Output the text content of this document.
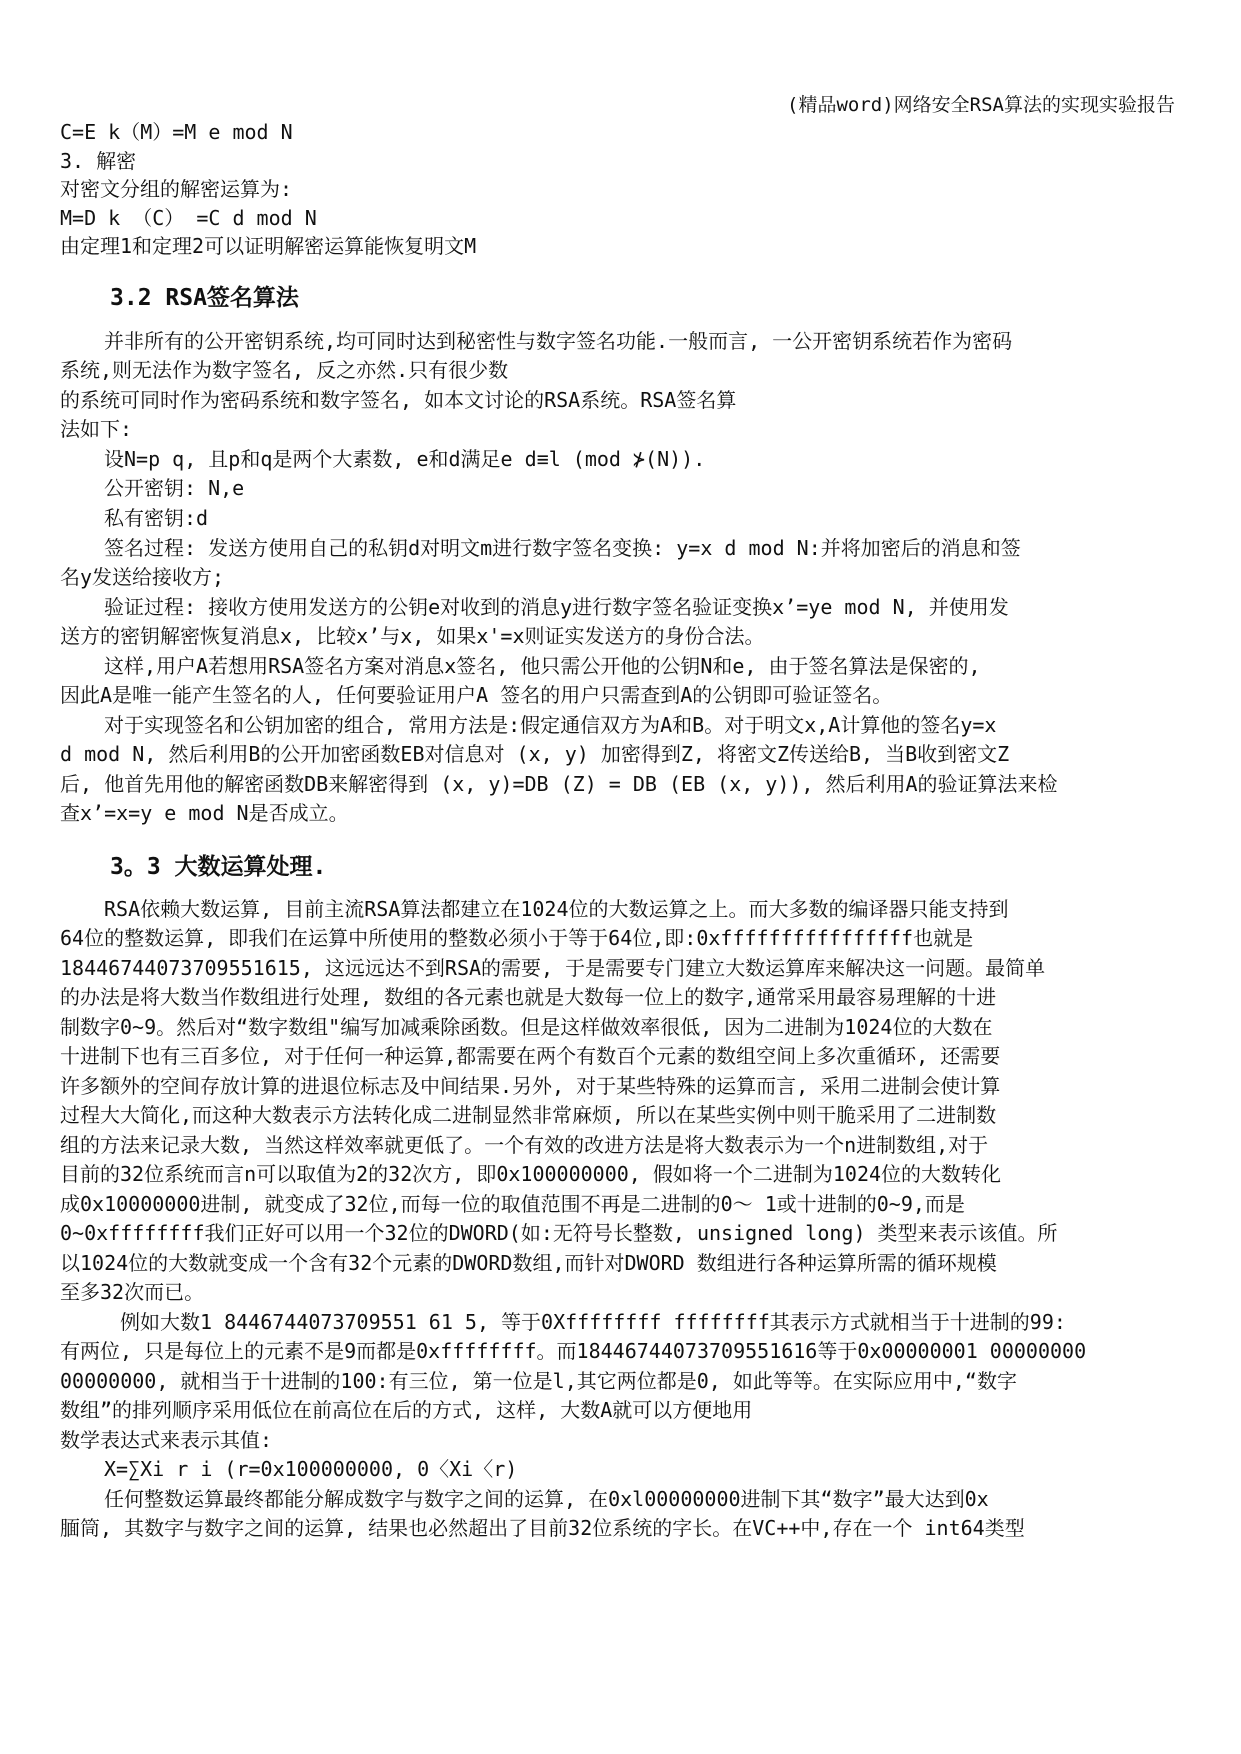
(精品word)网络安全RSA算法的实现实验报告
C=E k（M）=M e mod N
3. 解密
对密文分组的解密运算为:
M=D k （C） =C d mod N
由定理1和定理2可以证明解密运算能恢复明文M
3.2 RSA签名算法
并非所有的公开密钥系统,均可同时达到秘密性与数字签名功能.一般而言, 一公开密钥系统若作为密码
系统,则无法作为数字签名, 反之亦然.只有很少数
的系统可同时作为密码系统和数字签名, 如本文讨论的RSA系统。RSA签名算
法如下:
设N=p q, 且p和q是两个大素数, e和d满足e d≡l (mod ⊁(N)).
公开密钥: N,e
私有密钥:d
签名过程: 发送方使用自己的私钥d对明文m进行数字签名变换: y=x d mod N:并将加密后的消息和签
名y发送给接收方;
验证过程: 接收方使用发送方的公钥e对收到的消息y进行数字签名验证变换x’=ye mod N, 并使用发
送方的密钥解密恢复消息x, 比较x’与x, 如果x'=x则证实发送方的身份合法。
这样,用户A若想用RSA签名方案对消息x签名, 他只需公开他的公钥N和e, 由于签名算法是保密的,
因此A是唯一能产生签名的人, 任何要验证用户A 签名的用户只需查到A的公钥即可验证签名。
对于实现签名和公钥加密的组合, 常用方法是:假定通信双方为A和B。对于明文x,A计算他的签名y=x
d mod N, 然后利用B的公开加密函数EB对信息对 (x, y) 加密得到Z, 将密文Z传送给B, 当B收到密文Z
后, 他首先用他的解密函数DB来解密得到 (x, y)=DB (Z) = DB (EB (x, y)), 然后利用A的验证算法来检
查x’=x=y e mod N是否成立。
3。3 大数运算处理.
RSA依赖大数运算, 目前主流RSA算法都建立在1024位的大数运算之上。而大多数的编译器只能支持到
64位的整数运算, 即我们在运算中所使用的整数必须小于等于64位,即:0xffffffffffffffff也就是
18446744073709551615, 这远远达不到RSA的需要, 于是需要专门建立大数运算库来解决这一问题。最简单
的办法是将大数当作数组进行处理, 数组的各元素也就是大数每一位上的数字,通常采用最容易理解的十进
制数字0~9。然后对“数字数组"编写加减乘除函数。但是这样做效率很低, 因为二进制为1024位的大数在
十进制下也有三百多位, 对于任何一种运算,都需要在两个有数百个元素的数组空间上多次重循环, 还需要
许多额外的空间存放计算的进退位标志及中间结果.另外, 对于某些特殊的运算而言, 采用二进制会使计算
过程大大简化,而这种大数表示方法转化成二进制显然非常麻烦, 所以在某些实例中则干脆采用了二进制数
组的方法来记录大数, 当然这样效率就更低了。一个有效的改进方法是将大数表示为一个n进制数组,对于
目前的32位系统而言n可以取值为2的32次方, 即0x100000000, 假如将一个二进制为1024位的大数转化
成0x10000000进制, 就变成了32位,而每一位的取值范围不再是二进制的0～ 1或十进制的0~9,而是
0~0xffffffff我们正好可以用一个32位的DWORD(如:无符号长整数, unsigned long) 类型来表示该值。所
以1024位的大数就变成一个含有32个元素的DWORD数组,而针对DWORD 数组进行各种运算所需的循环规模
至多32次而已。
例如大数1 8446744073709551 61 5, 等于0Xffffffff ffffffff其表示方式就相当于十进制的99:
有两位, 只是每位上的元素不是9而都是0xffffffff。而18446744073709551616等于0x00000001 00000000
00000000, 就相当于十进制的100:有三位, 第一位是l,其它两位都是0, 如此等等。在实际应用中,“数字
数组”的排列顺序采用低位在前高位在后的方式, 这样, 大数A就可以方便地用
数学表达式来表示其值:
X=∑Xi r i (r=0x100000000, 0〈Xi〈r)
任何整数运算最终都能分解成数字与数字之间的运算, 在0xl00000000进制下其“数字”最大达到0x
腼筒, 其数字与数字之间的运算, 结果也必然超出了目前32位系统的字长。在VC++中,存在一个 int64类型
